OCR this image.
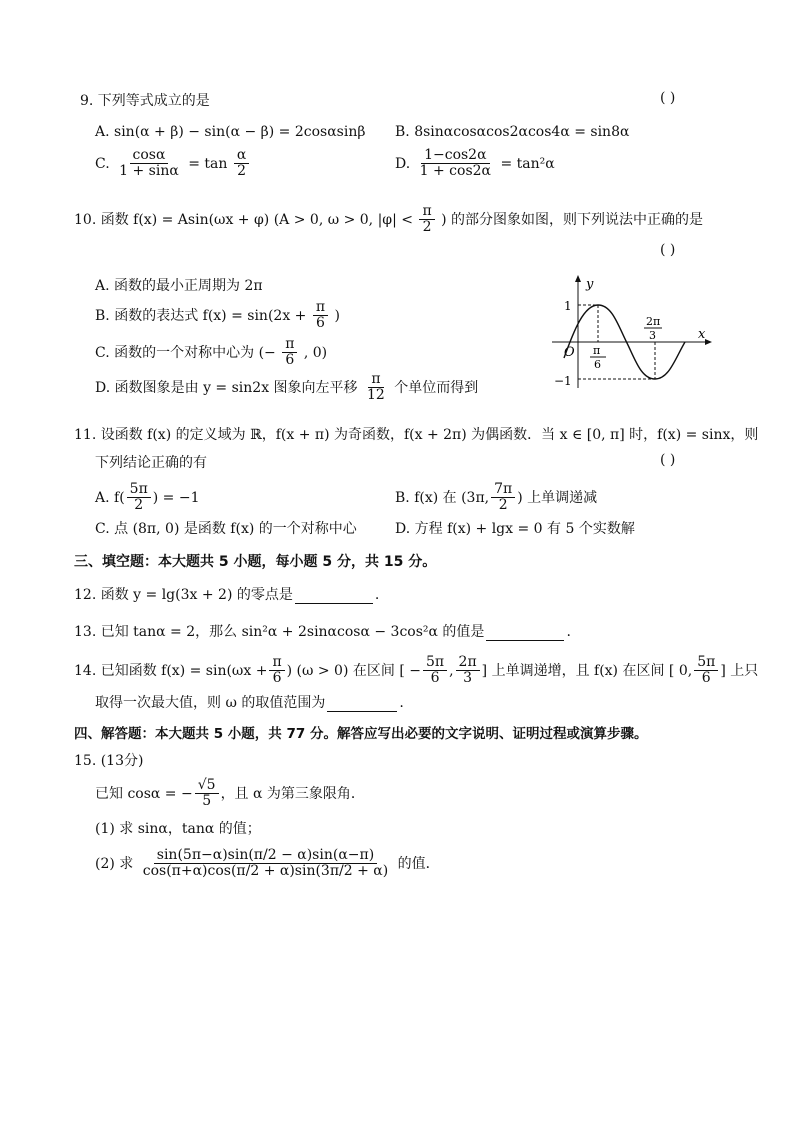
9. 下列等式成立的是	( )
A. sin(α + β) − sin(α − β) = 2cosαsinβ B. 8sinαcosαcos2αcos4α = sin8α
C. $\frac{\cos\alpha}{1 + \sin\alpha} = \tan \frac{\alpha}{2}$	D. $\frac{1-\cos 2\alpha}{1 + \cos 2\alpha} = \tan^2\alpha$
10. 函数 f(x) = Asin(ωx + φ) (A > 0, ω > 0, $|\varphi| < \frac{\pi}{2}$ ) 的部分图象如图，则下列说法中正确的是
( )
A. 函数的最小正周期为 2π
B. 函数的表达式 $f(x) = \sin(2x + \frac{\pi}{6}$ )
C. 函数的一个对称中心为 (− $\frac{\pi}{6}$ , 0)
D. 函数图象是由 y = sin2x 图象向左平移 $\frac{\pi}{12}$ 个单位而得到
y
x
O
1
−1
π
6
2π
3
11. 设函数 f(x) 的定义域为 ℝ，f(x + π) 为奇函数，f(x + 2π) 为偶函数．当 x ∈ [0, π] 时，f(x) = sinx，则
下列结论正确的有	( )
A. $f( \frac{5\pi}{2}$ ) = −1	B. f(x) 在 (3π, $\frac{7\pi}{2}$ ) 上单调递减
C. 点 (8π, 0) 是函数 f(x) 的一个对称中心	D. 方程 f(x) + lgx = 0 有 5 个实数解
三、填空题：本大题共 5 小题，每小题 5 分，共 15 分。
12. 函数 y = lg(3x + 2) 的零点是	.
13. 已知 tanα = 2，那么 sin²α + 2sinαcosα − 3cos²α 的值是	.
14. 已知函数 $f(x) = \sin(\omega x + \frac{\pi}{6}$ ) (ω > 0) 在区间 [ − $\frac{5\pi}{6}$ , $\frac{2\pi}{3}$ ] 上单调递增，且 f(x) 在区间 [ 0, $\frac{5\pi}{6}$ ] 上只
取得一次最大值，则 ω 的取值范围为	.
四、解答题：本大题共 5 小题，共 77 分。解答应写出必要的文字说明、证明过程或演算步骤。
15. (13分)
已知 cosα = − $\frac{√5}{5}$ ，且 α 为第三象限角．
(1) 求 sinα，tanα 的值；
(2) 求 $\frac{\sin(5\pi-\alpha)\sin(\pi/2 - \alpha)\sin(\alpha-\pi)}{\cos(\pi+\alpha)\cos(\pi/2 + \alpha)\sin(3\pi/2 + \alpha)}$ 的值．
